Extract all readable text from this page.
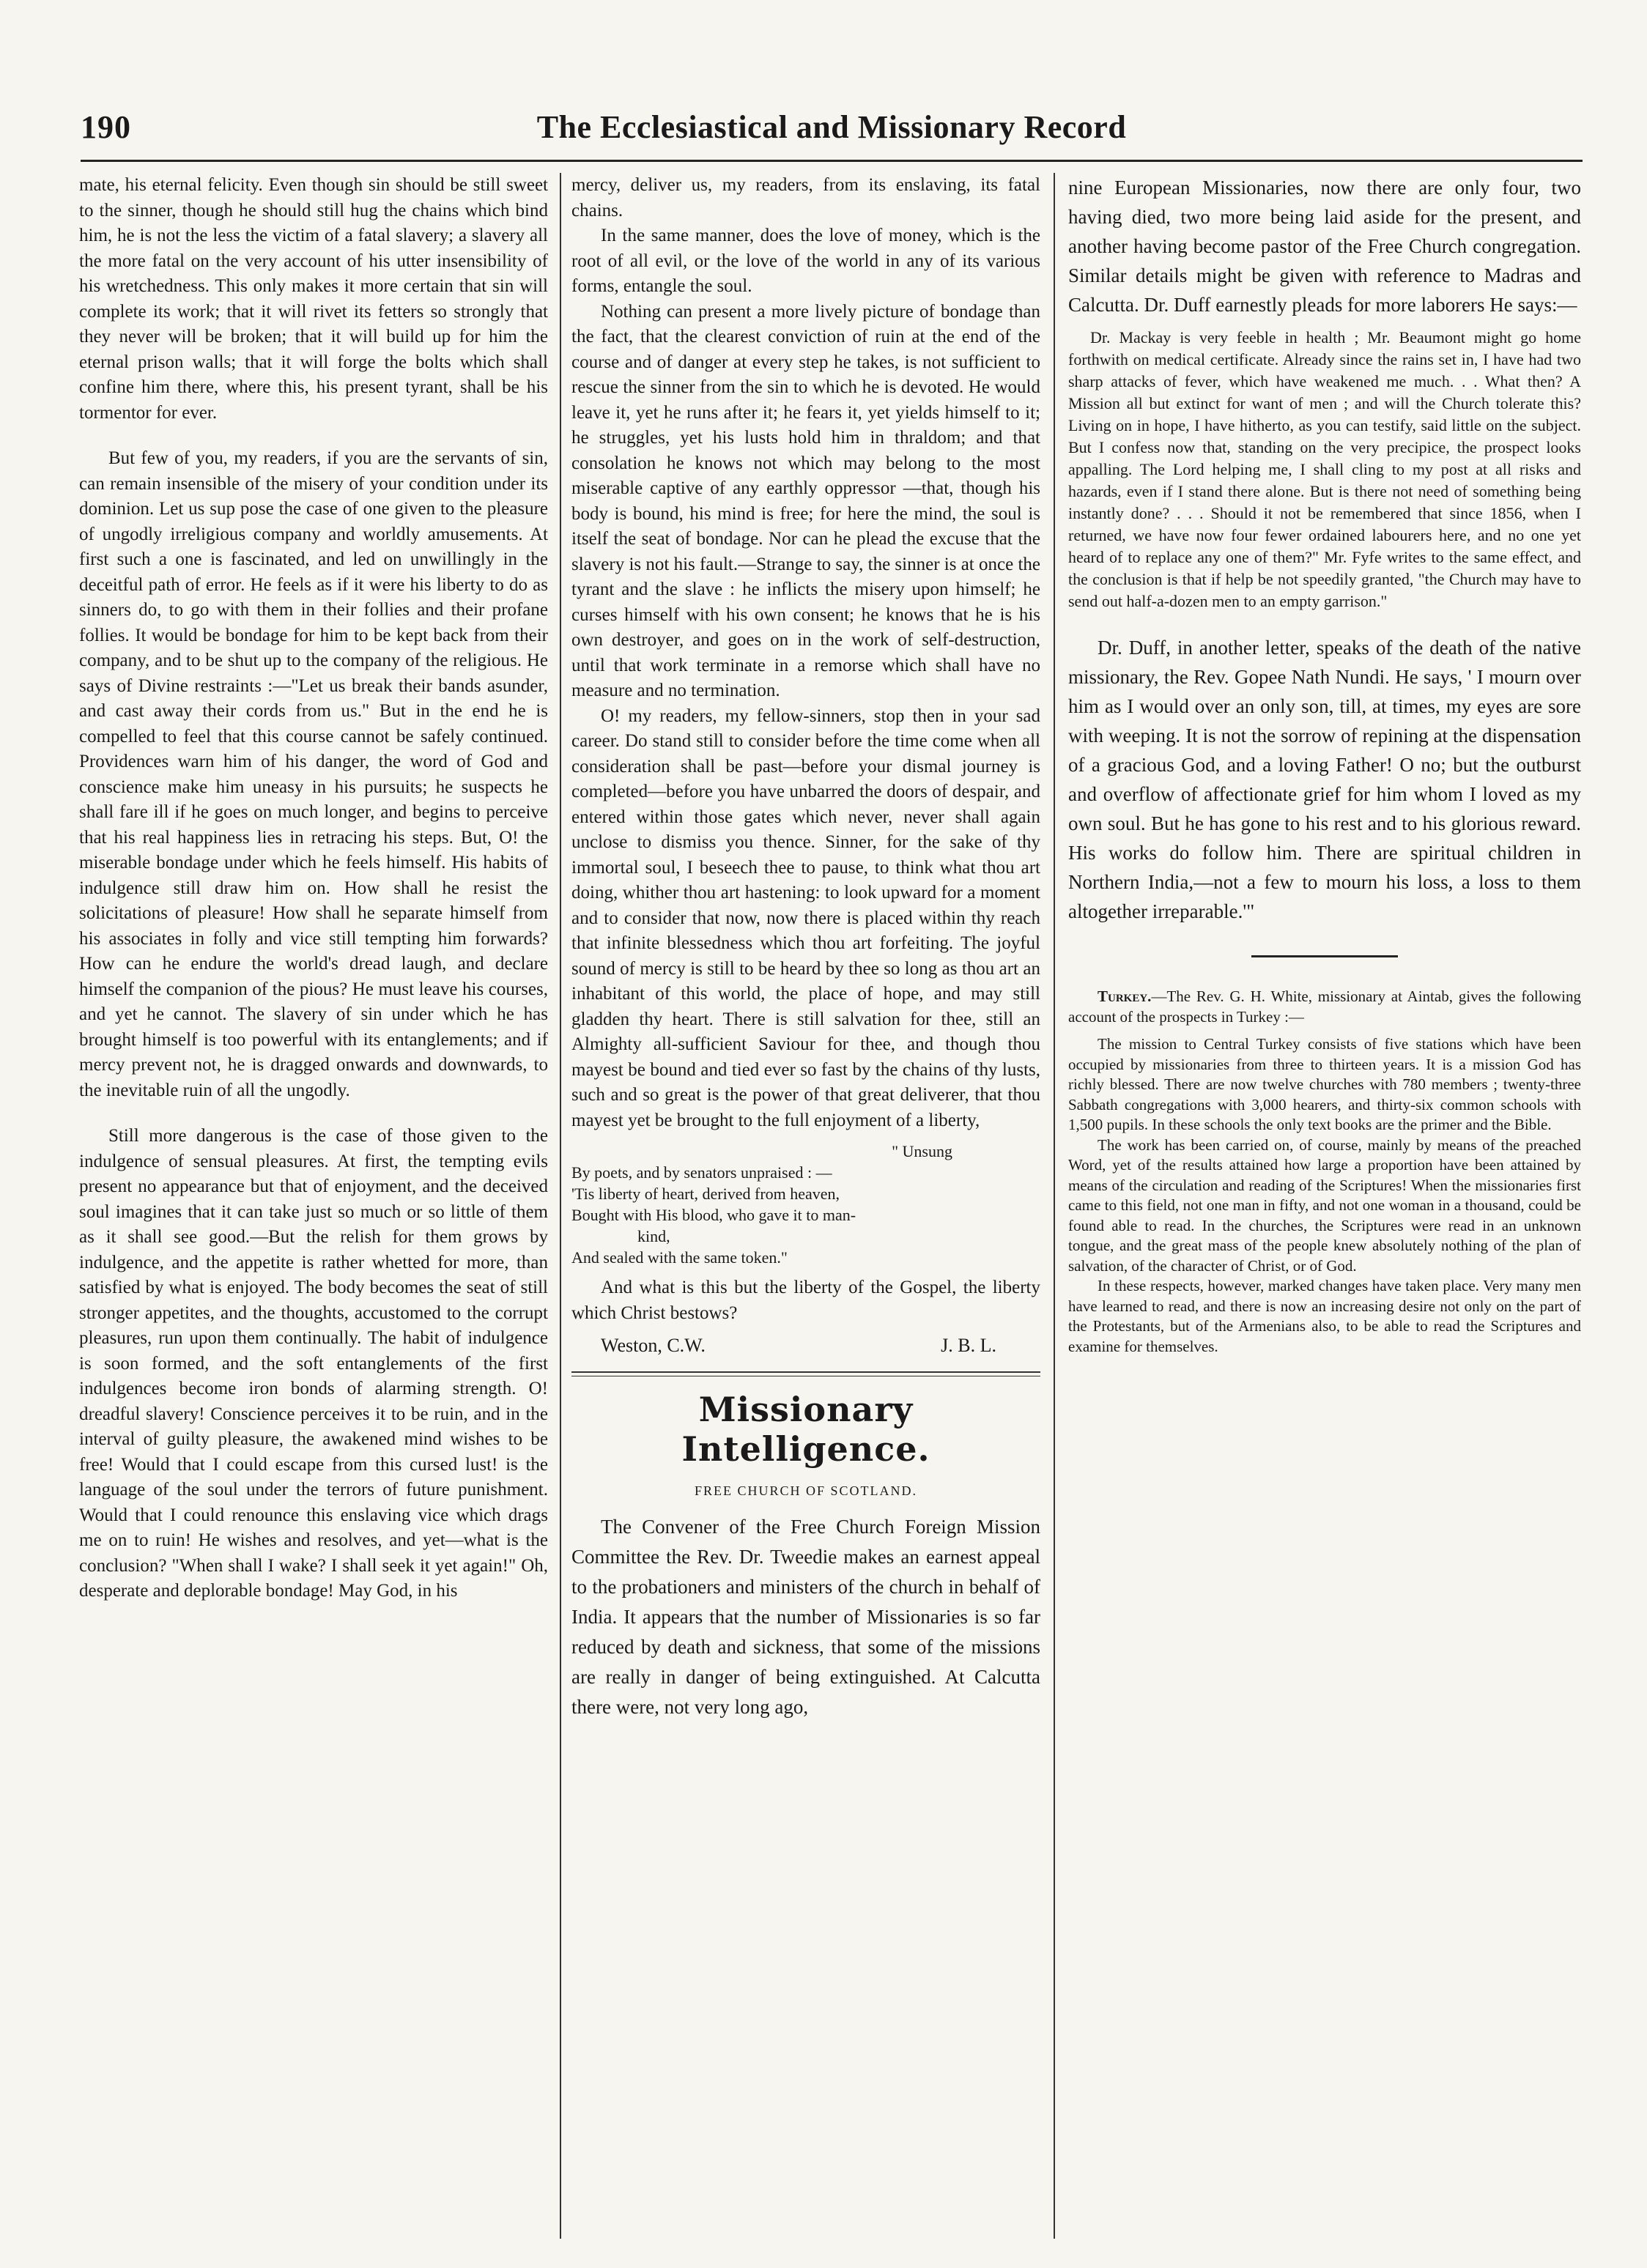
190	The Ecclesiastical and Missionary Record

mate, his eternal felicity. Even though sin should be still sweet to the sinner, though he should still hug the chains which bind him, he is not the less the victim of a fatal slavery; a slavery all the more fatal on the very account of his utter insensibility of his wretchedness. This only makes it more certain that sin will complete its work; that it will rivet its fetters so strongly that they never will be broken; that it will build up for him the eternal prison walls; that it will forge the bolts which shall confine him there, where this, his present tyrant, shall be his tormentor for ever.

But few of you, my readers, if you are the servants of sin, can remain insensible of the misery of your condition under its dominion. Let us sup pose the case of one given to the pleasure of ungodly irreligious company and worldly amusements. At first such a one is fascinated, and led on unwillingly in the deceitful path of error. He feels as if it were his liberty to do as sinners do, to go with them in their follies and their profane follies. It would be bondage for him to be kept back from their company, and to be shut up to the company of the religious. He says of Divine restraints :—"Let us break their bands asunder, and cast away their cords from us." But in the end he is compelled to feel that this course cannot be safely continued. Providences warn him of his danger, the word of God and conscience make him uneasy in his pursuits; he suspects he shall fare ill if he goes on much longer, and begins to perceive that his real happiness lies in retracing his steps. But, O! the miserable bondage under which he feels himself. His habits of indulgence still draw him on. How shall he resist the solicitations of pleasure! How shall he separate himself from his associates in folly and vice still tempting him forwards? How can he endure the world's dread laugh, and declare himself the companion of the pious? He must leave his courses, and yet he cannot. The slavery of sin under which he has brought himself is too powerful with its entanglements; and if mercy prevent not, he is dragged onwards and downwards, to the inevitable ruin of all the ungodly.

Still more dangerous is the case of those given to the indulgence of sensual pleasures. At first, the tempting evils present no appearance but that of enjoyment, and the deceived soul imagines that it can take just so much or so little of them as it shall see good.—But the relish for them grows by indulgence, and the appetite is rather whetted for more, than satisfied by what is enjoyed. The body becomes the seat of still stronger appetites, and the thoughts, accustomed to the corrupt pleasures, run upon them continually. The habit of indulgence is soon formed, and the soft entanglements of the first indulgences become iron bonds of alarming strength. O! dreadful slavery! Conscience perceives it to be ruin, and in the interval of guilty pleasure, the awakened mind wishes to be free! Would that I could escape from this cursed lust! is the language of the soul under the terrors of future punishment. Would that I could renounce this enslaving vice which drags me on to ruin! He wishes and resolves, and yet—what is the conclusion? "When shall I wake? I shall seek it yet again!" Oh, desperate and deplorable bondage! May God, in his

mercy, deliver us, my readers, from its enslaving, its fatal chains.

In the same manner, does the love of money, which is the root of all evil, or the love of the world in any of its various forms, entangle the soul.

Nothing can present a more lively picture of bondage than the fact, that the clearest conviction of ruin at the end of the course and of danger at every step he takes, is not sufficient to rescue the sinner from the sin to which he is devoted. He would leave it, yet he runs after it; he fears it, yet yields himself to it; he struggles, yet his lusts hold him in thraldom; and that consolation he knows not which may belong to the most miserable captive of any earthly oppressor —that, though his body is bound, his mind is free; for here the mind, the soul is itself the seat of bondage. Nor can he plead the excuse that the slavery is not his fault.—Strange to say, the sinner is at once the tyrant and the slave : he inflicts the misery upon himself; he curses himself with his own consent; he knows that he is his own destroyer, and goes on in the work of self-destruction, until that work terminate in a remorse which shall have no measure and no termination.

O! my readers, my fellow-sinners, stop then in your sad career. Do stand still to consider before the time come when all consideration shall be past—before your dismal journey is completed—before you have unbarred the doors of despair, and entered within those gates which never, never shall again unclose to dismiss you thence. Sinner, for the sake of thy immortal soul, I beseech thee to pause, to think what thou art doing, whither thou art hastening: to look upward for a moment and to consider that now, now there is placed within thy reach that infinite blessedness which thou art forfeiting. The joyful sound of mercy is still to be heard by thee so long as thou art an inhabitant of this world, the place of hope, and may still gladden thy heart. There is still salvation for thee, still an Almighty all-sufficient Saviour for thee, and though thou mayest be bound and tied ever so fast by the chains of thy lusts, such and so great is the power of that great deliverer, that thou mayest yet be brought to the full enjoyment of a liberty,

" Unsung
By poets, and by senators unpraised : —
'Tis liberty of heart, derived from heaven,
Bought with His blood, who gave it to man-
kind,
And sealed with the same token."

And what is this but the liberty of the Gospel, the liberty which Christ bestows?

Weston, C.W.	J. B. L.
Missionary Intelligence.
FREE CHURCH OF SCOTLAND.

The Convener of the Free Church Foreign Mission Committee the Rev. Dr. Tweedie makes an earnest appeal to the probationers and ministers of the church in behalf of India. It appears that the number of Missionaries is so far reduced by death and sickness, that some of the missions are really in danger of being extinguished. At Calcutta there were, not very long ago,

nine European Missionaries, now there are only four, two having died, two more being laid aside for the present, and another having become pastor of the Free Church congregation. Similar details might be given with reference to Madras and Calcutta. Dr. Duff earnestly pleads for more laborers He says:—

Dr. Mackay is very feeble in health ; Mr. Beaumont might go home forthwith on medical certificate. Already since the rains set in, I have had two sharp attacks of fever, which have weakened me much. . . What then? A Mission all but extinct for want of men ; and will the Church tolerate this? Living on in hope, I have hitherto, as you can testify, said little on the subject. But I confess now that, standing on the very precipice, the prospect looks appalling. The Lord helping me, I shall cling to my post at all risks and hazards, even if I stand there alone. But is there not need of something being instantly done? . . . Should it not be remembered that since 1856, when I returned, we have now four fewer ordained labourers here, and no one yet heard of to replace any one of them?" Mr. Fyfe writes to the same effect, and the conclusion is that if help be not speedily granted, "the Church may have to send out half-a-dozen men to an empty garrison."

Dr. Duff, in another letter, speaks of the death of the native missionary, the Rev. Gopee Nath Nundi. He says, ' I mourn over him as I would over an only son, till, at times, my eyes are sore with weeping. It is not the sorrow of repining at the dispensation of a gracious God, and a loving Father! O no; but the outburst and overflow of affectionate grief for him whom I loved as my own soul. But he has gone to his rest and to his glorious reward. His works do follow him. There are spiritual children in Northern India,—not a few to mourn his loss, a loss to them altogether irreparable.'"

Turkey.—The Rev. G. H. White, missionary at Aintab, gives the following account of the prospects in Turkey :—

The mission to Central Turkey consists of five stations which have been occupied by missionaries from three to thirteen years. It is a mission God has richly blessed. There are now twelve churches with 780 members ; twenty-three Sabbath congregations with 3,000 hearers, and thirty-six common schools with 1,500 pupils. In these schools the only text books are the primer and the Bible.

The work has been carried on, of course, mainly by means of the preached Word, yet of the results attained how large a proportion have been attained by means of the circulation and reading of the Scriptures! When the missionaries first came to this field, not one man in fifty, and not one woman in a thousand, could be found able to read. In the churches, the Scriptures were read in an unknown tongue, and the great mass of the people knew absolutely nothing of the plan of salvation, of the character of Christ, or of God.

In these respects, however, marked changes have taken place. Very many men have learned to read, and there is now an increasing desire not only on the part of the Protestants, but of the Armenians also, to be able to read the Scriptures and examine for themselves.
